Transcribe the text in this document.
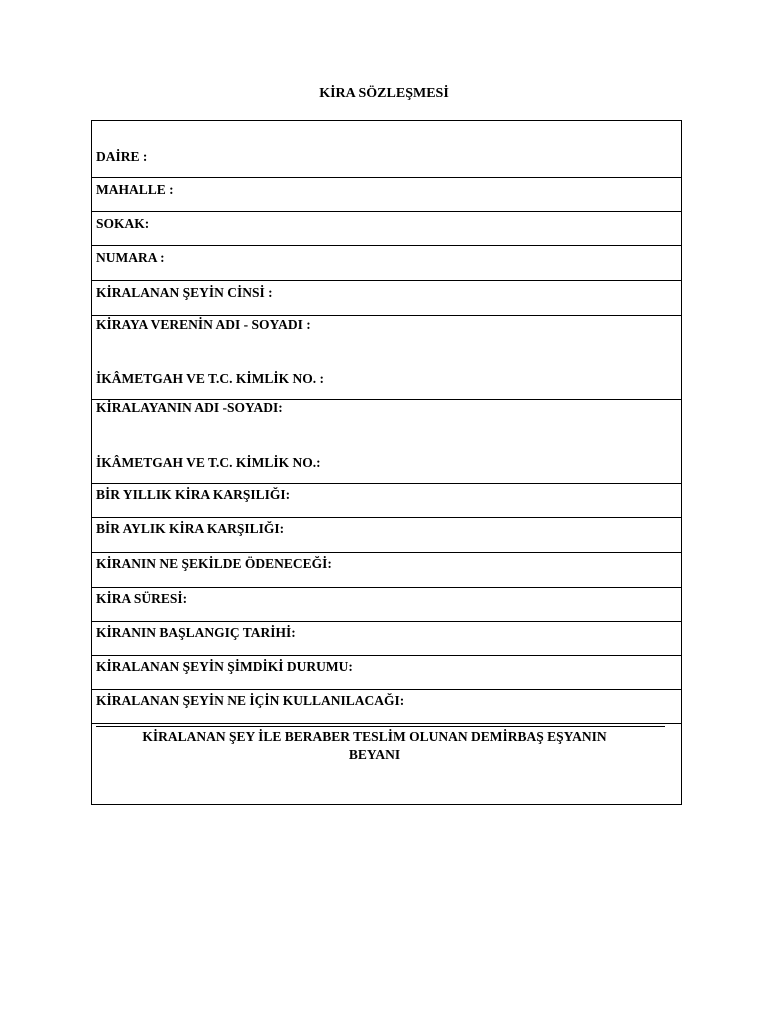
KİRA SÖZLEŞMESİ
DAİRE :
MAHALLE :
SOKAK:
NUMARA :
KİRALANAN ŞEYİN CİNSİ :
KİRAYA VERENİN ADI - SOYADI :
İKÂMETGAH VE T.C. KİMLİK NO. :
KİRALAYANIN ADI -SOYADI:
İKÂMETGAH VE T.C. KİMLİK NO.:
BİR YILLIK KİRA KARŞILIĞI:
BİR AYLIK KİRA KARŞILIĞI:
KİRANIN NE ŞEKİLDE ÖDENECEĞİ:
KİRA SÜRESİ:
KİRANIN BAŞLANGIÇ TARİHİ:
KİRALANAN ŞEYİN ŞİMDİKİ DURUMU:
KİRALANAN ŞEYİN NE İÇİN KULLANILACAĞI:
KİRALANAN ŞEY İLE BERABER TESLİM OLUNAN DEMİRBAŞ EŞYANIN
BEYANI
